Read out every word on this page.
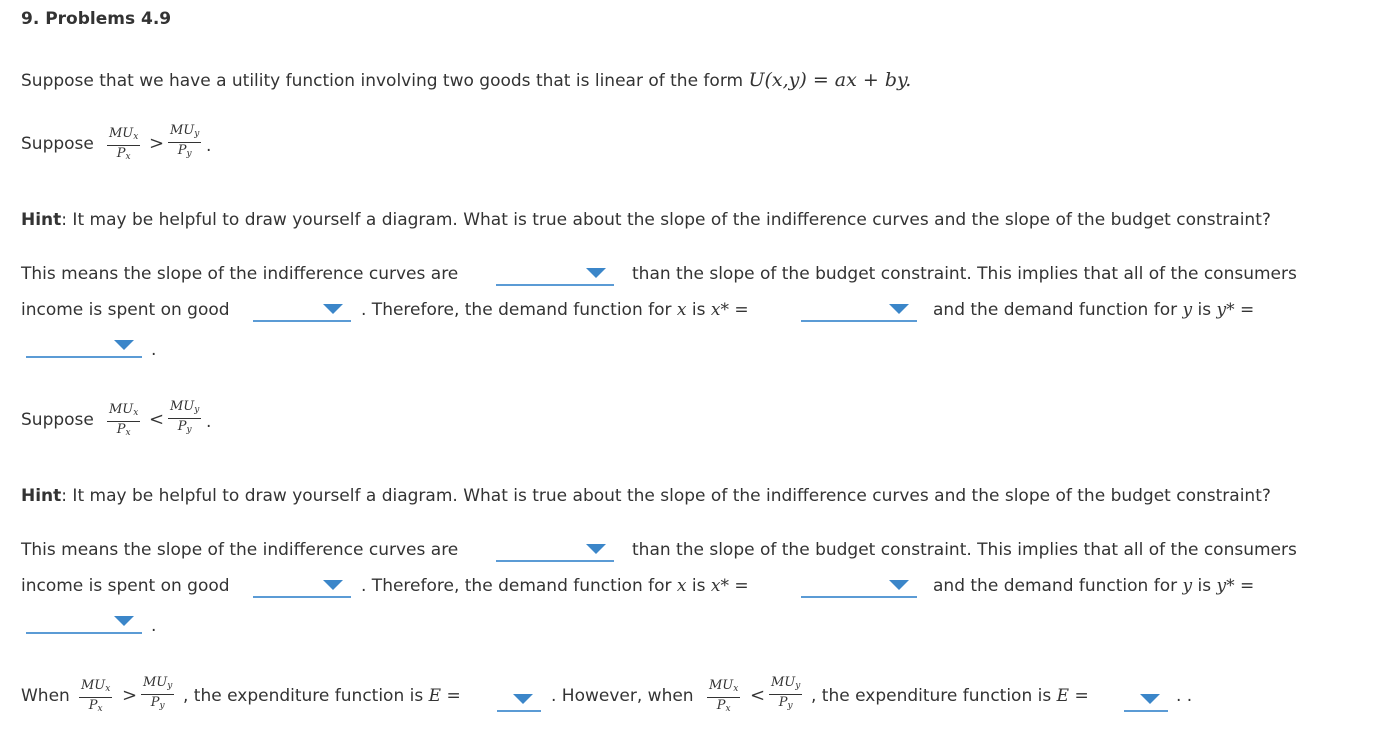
9. Problems 4.9
Suppose that we have a utility function involving two goods that is linear of the form U(x,y) = ax + by.
Suppose
$MU_x$
$P_x$
>
$MU_y$
$P_y$ .
Hint: It may be helpful to draw yourself a diagram. What is true about the slope of the indifference curves and the slope of the budget constraint?
This means the slope of the indifference curves are	than the slope of the budget constraint. This implies that all of the consumers
income is spent on good	. Therefore, the demand function for x is x* =	and the demand function for y is y* =
.
Suppose
$MU_x$
$P_x$
<
$MU_y$
$P_y$ .
Hint: It may be helpful to draw yourself a diagram. What is true about the slope of the indifference curves and the slope of the budget constraint?
This means the slope of the indifference curves are	than the slope of the budget constraint. This implies that all of the consumers
income is spent on good	. Therefore, the demand function for x is x* =	and the demand function for y is y* =
.
When
$MU_x$
$P_x$
>
$MU_y$
$P_y$	, the expenditure function is E =	. However, when
$MU_x$
$P_x$
<
$MU_y$
$P_y$	, the expenditure function is E =	. .
